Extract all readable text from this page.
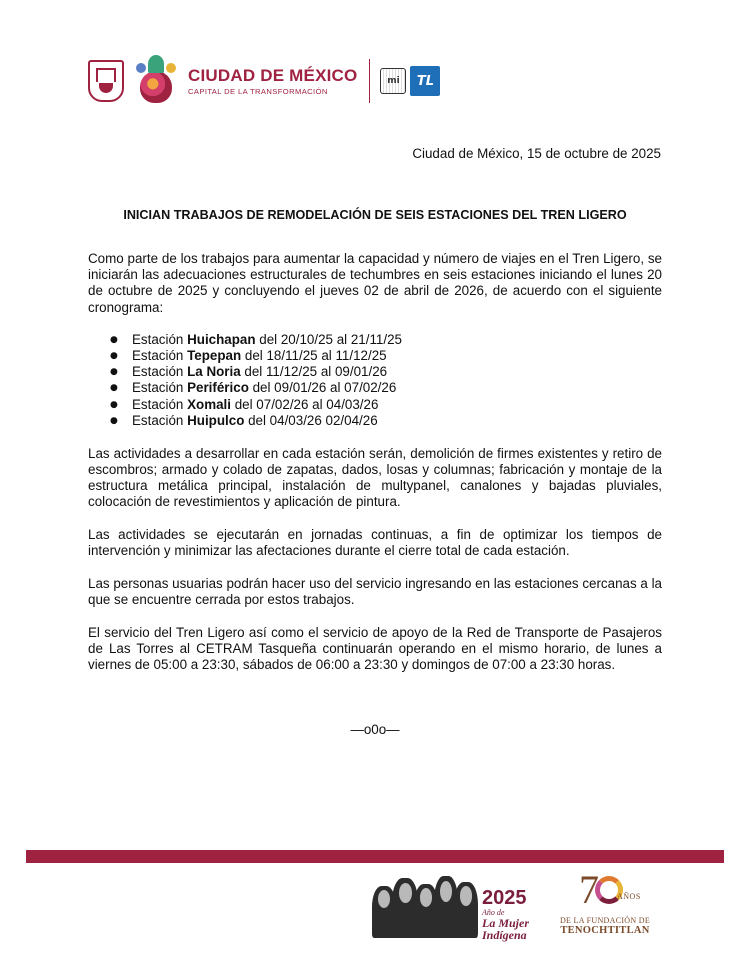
CIUDAD DE MÉXICO
CAPITAL DE LA TRANSFORMACIÓN
mi TL
Ciudad de México, 15 de octubre de 2025
INICIAN TRABAJOS DE REMODELACIÓN DE SEIS ESTACIONES DEL TREN LIGERO

Como parte de los trabajos para aumentar la capacidad y número de viajes en el Tren Ligero, se iniciarán las adecuaciones estructurales de techumbres en seis estaciones iniciando el lunes 20 de octubre de 2025 y concluyendo el jueves 02 de abril de 2026, de acuerdo con el siguiente cronograma:

● Estación Huichapan del 20/10/25 al 21/11/25
● Estación Tepepan del 18/11/25 al 11/12/25
● Estación La Noria del 11/12/25 al 09/01/26
● Estación Periférico del 09/01/26 al 07/02/26
● Estación Xomali del 07/02/26 al 04/03/26
● Estación Huipulco del 04/03/26 02/04/26

Las actividades a desarrollar en cada estación serán, demolición de firmes existentes y retiro de escombros; armado y colado de zapatas, dados, losas y columnas; fabricación y montaje de la estructura metálica principal, instalación de multypanel, canalones y bajadas pluviales, colocación de revestimientos y aplicación de pintura.

Las actividades se ejecutarán en jornadas continuas, a fin de optimizar los tiempos de intervención y minimizar las afectaciones durante el cierre total de cada estación.

Las personas usuarias podrán hacer uso del servicio ingresando en las estaciones cercanas a la que se encuentre cerrada por estos trabajos.

El servicio del Tren Ligero así como el servicio de apoyo de la Red de Transporte de Pasajeros de Las Torres al CETRAM Tasqueña continuarán operando en el mismo horario, de lunes a viernes de 05:00 a 23:30, sábados de 06:00 a 23:30 y domingos de 07:00 a 23:30 horas.

—o0o—
2025
Año de
La Mujer
Indígena
7	AÑOS
DE LA FUNDACIÓN DE
TENOCHTITLAN
